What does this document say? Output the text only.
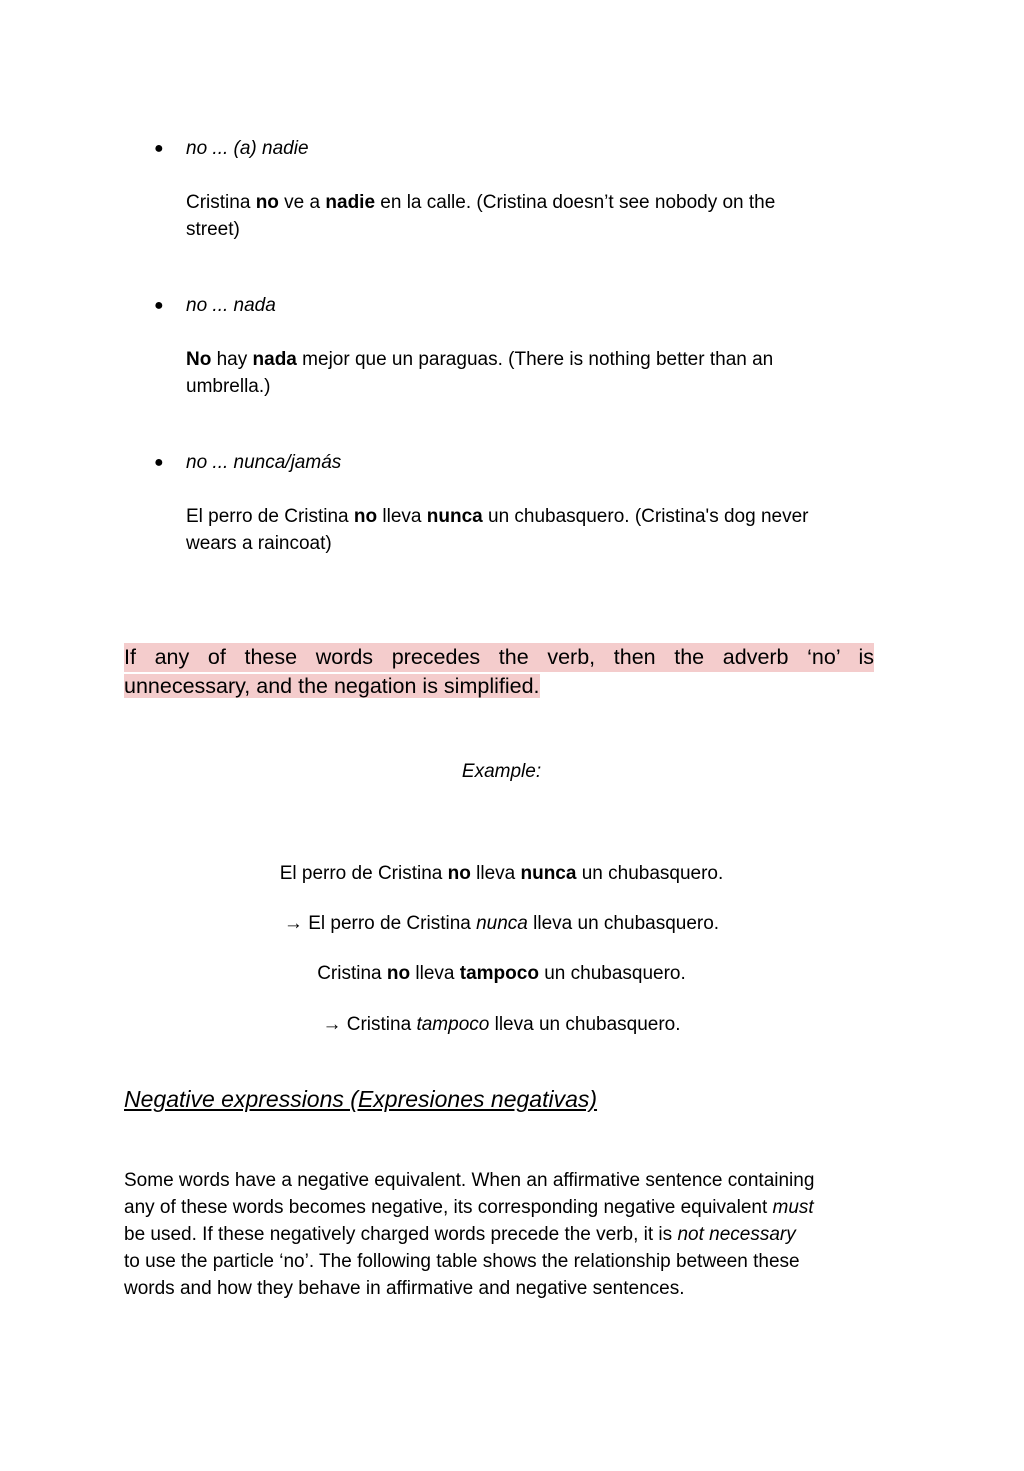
● no ... (a) nadie
Cristina no ve a nadie en la calle. (Cristina doesn’t see nobody on the
street)
● no ... nada
No hay nada mejor que un paraguas. (There is nothing better than an
umbrella.)
● no ... nunca/jamás
El perro de Cristina no lleva nunca un chubasquero. (Cristina's dog never
wears a raincoat)
If any of these words precedes the verb, then the adverb ‘no’ is
unnecessary, and the negation is simplified.
Example:
El perro de Cristina no lleva nunca un chubasquero.
→ El perro de Cristina nunca lleva un chubasquero.
Cristina no lleva tampoco un chubasquero.
→ Cristina tampoco lleva un chubasquero.
Negative expressions (Expresiones negativas)
Some words have a negative equivalent. When an affirmative sentence containing
any of these words becomes negative, its corresponding negative equivalent must
be used. If these negatively charged words precede the verb, it is not necessary
to use the particle ‘no’. The following table shows the relationship between these
words and how they behave in affirmative and negative sentences.
